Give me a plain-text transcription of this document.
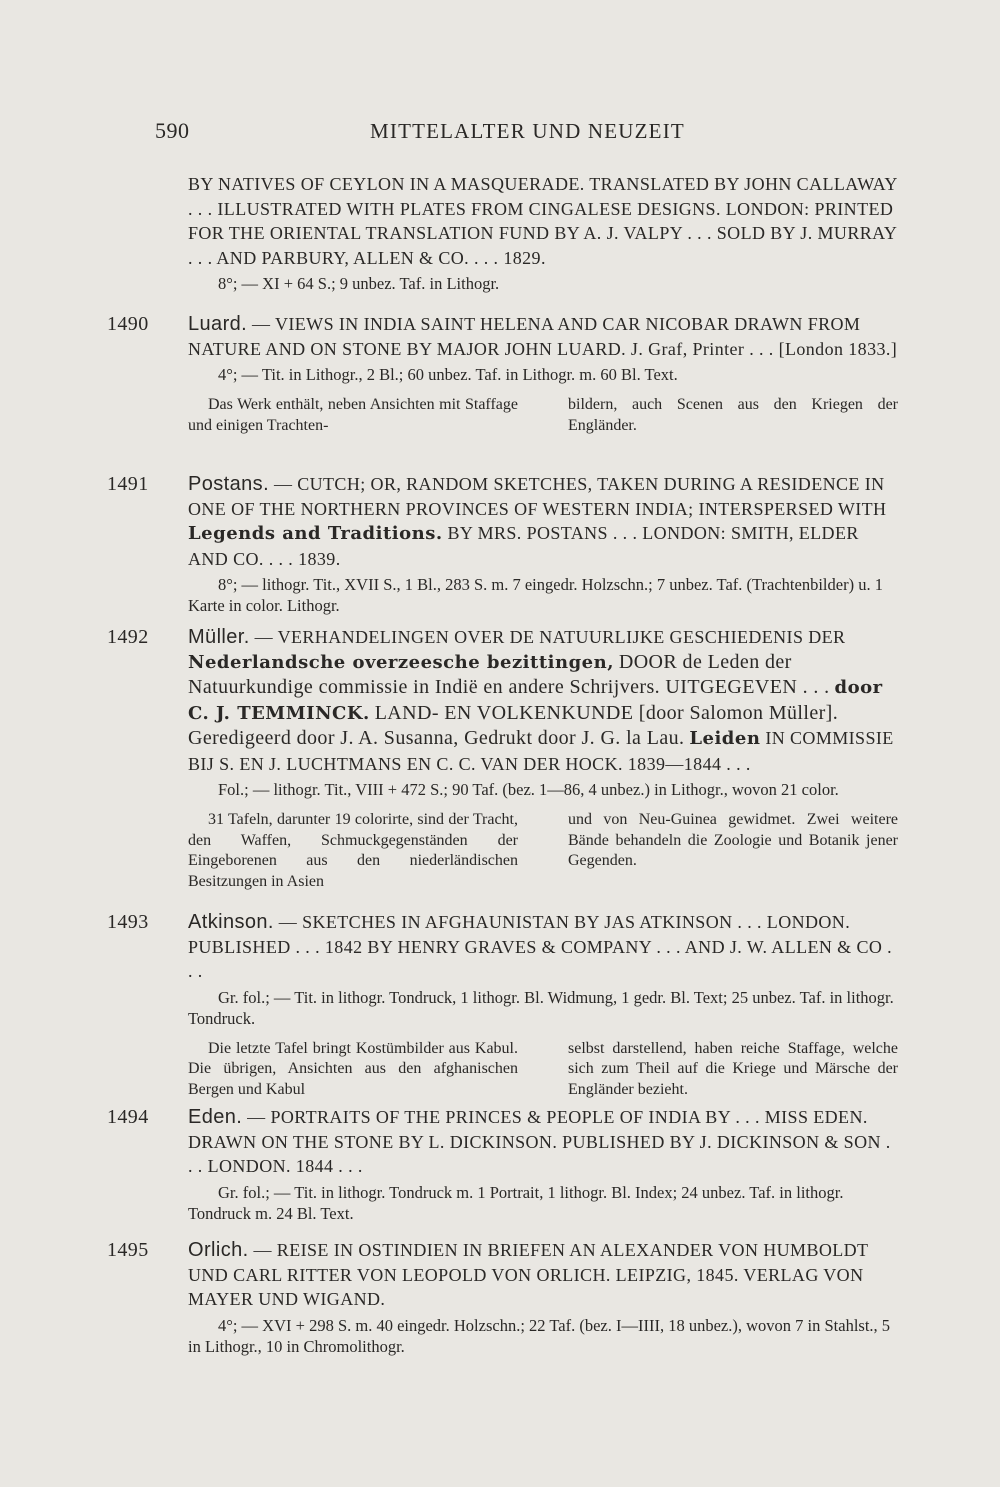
590	MITTELALTER UND NEUZEIT
BY NATIVES OF CEYLON IN A MASQUERADE. TRANSLATED BY JOHN CALLAWAY . . . ILLUSTRATED WITH PLATES FROM CINGALESE DESIGNS. LONDON: PRINTED FOR THE ORIENTAL TRANSLATION FUND BY A. J. VALPY . . . SOLD BY J. MURRAY . . . AND PARBURY, ALLEN & CO. . . . 1829.
8°; — XI + 64 S.; 9 unbez. Taf. in Lithogr.
1490 Luard. — VIEWS IN INDIA SAINT HELENA AND CAR NICOBAR DRAWN FROM NATURE AND ON STONE BY MAJOR JOHN LUARD. J. Graf, Printer . . . [London 1833.]
4°; — Tit. in Lithogr., 2 Bl.; 60 unbez. Taf. in Lithogr. m. 60 Bl. Text.
Das Werk enthält, neben Ansichten mit Staffage und einigen Trachten-
bildern, auch Scenen aus den Kriegen der Engländer.
1491 Postans. — CUTCH; OR, RANDOM SKETCHES, TAKEN DURING A RESIDENCE IN ONE OF THE NORTHERN PROVINCES OF WESTERN INDIA; INTERSPERSED WITH Legends and Traditions. BY MRS. POSTANS . . . LONDON: SMITH, ELDER AND CO. . . . 1839.
8°; — lithogr. Tit., XVII S., 1 Bl., 283 S. m. 7 eingedr. Holzschn.; 7 unbez. Taf. (Trachtenbilder) u. 1 Karte in color. Lithogr.
1492 Müller. — VERHANDELINGEN OVER DE NATUURLIJKE GESCHIEDENIS DER Nederlandsche overzeesche bezittingen, DOOR de Leden der Natuurkundige commissie in Indië en andere Schrijvers. UITGEGEVEN . . . door C. J. TEMMINCK. LAND- EN VOLKENKUNDE [door Salomon Müller]. Geredigeerd door J. A. Susanna, Gedrukt door J. G. la Lau. Leiden IN COMMISSIE BIJ S. EN J. LUCHTMANS EN C. C. VAN DER HOCK. 1839—1844 . . .
Fol.; — lithogr. Tit., VIII + 472 S.; 90 Taf. (bez. 1—86, 4 unbez.) in Lithogr., wovon 21 color.
31 Tafeln, darunter 19 colorirte, sind der Tracht, den Waffen, Schmuckgegenständen der Eingeborenen aus den niederländischen Besitzungen in Asien
und von Neu-Guinea gewidmet. Zwei weitere Bände behandeln die Zoologie und Botanik jener Gegenden.
1493 Atkinson. — SKETCHES IN AFGHAUNISTAN BY JAS ATKINSON . . . LONDON. PUBLISHED . . . 1842 BY HENRY GRAVES & COMPANY . . . AND J. W. ALLEN & CO . . .
Gr. fol.; — Tit. in lithogr. Tondruck, 1 lithogr. Bl. Widmung, 1 gedr. Bl. Text; 25 unbez. Taf. in lithogr. Tondruck.
Die letzte Tafel bringt Kostümbilder aus Kabul. Die übrigen, Ansichten aus den afghanischen Bergen und Kabul
selbst darstellend, haben reiche Staffage, welche sich zum Theil auf die Kriege und Märsche der Engländer bezieht.
1494 Eden. — PORTRAITS OF THE PRINCES & PEOPLE OF INDIA BY . . . MISS EDEN. DRAWN ON THE STONE BY L. DICKINSON. PUBLISHED BY J. DICKINSON & SON . . . LONDON. 1844 . . .
Gr. fol.; — Tit. in lithogr. Tondruck m. 1 Portrait, 1 lithogr. Bl. Index; 24 unbez. Taf. in lithogr. Tondruck m. 24 Bl. Text.
1495 Orlich. — REISE IN OSTINDIEN IN BRIEFEN AN ALEXANDER VON HUMBOLDT UND CARL RITTER VON LEOPOLD VON ORLICH. LEIPZIG, 1845. VERLAG VON MAYER UND WIGAND.
4°; — XVI + 298 S. m. 40 eingedr. Holzschn.; 22 Taf. (bez. I—IIII, 18 unbez.), wovon 7 in Stahlst., 5 in Lithogr., 10 in Chromolithogr.
